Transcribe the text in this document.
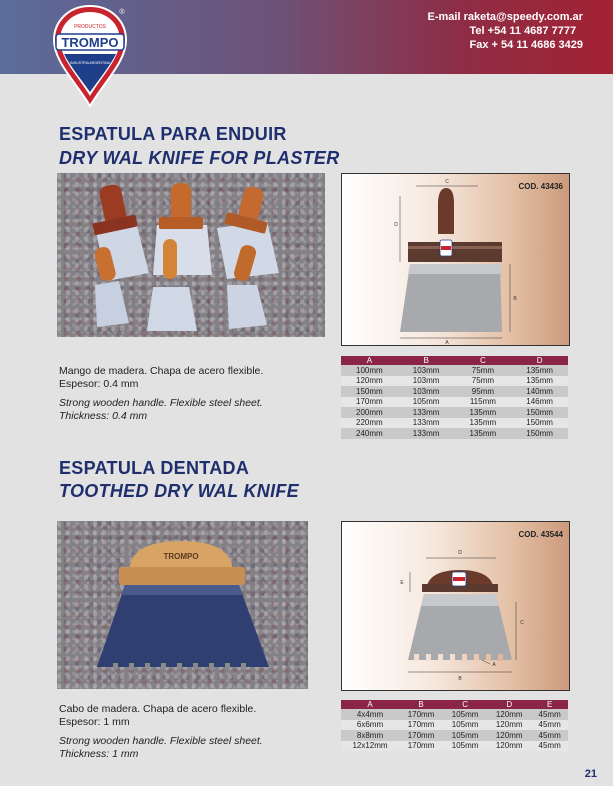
TROMPO
PRODUCTOS
INDUSTRIA ARGENTINA
®	E-mail raketa@speedy.com.ar
Tel +54 11 4687 7777
Fax + 54 11 4686 3429
ESPATULA PARA ENDUIR
DRY WAL KNIFE FOR PLASTER
COD. 43436
C
D
B
A
Mango de madera. Chapa de acero flexible.
Espesor: 0.4 mm
Strong wooden handle. Flexible steel sheet.
Thickness: 0.4 mm
A	B	C	D
100mm	103mm	75mm	135mm
120mm	103mm	75mm	135mm
150mm	103mm	95mm	140mm
170mm	105mm	115mm	146mm
200mm	133mm	135mm	150mm
220mm	133mm	135mm	150mm
240mm	133mm	135mm	150mm
ESPATULA DENTADA
TOOTHED DRY WAL KNIFE
TROMPO
COD. 43544
D
E
C
A
B
Cabo de madera. Chapa de acero flexible.
Espesor: 1 mm
Strong wooden handle. Flexible steel sheet.
Thickness: 1 mm
A	B	C	D	E
4x4mm	170mm	105mm	120mm	45mm
6x6mm	170mm	105mm	120mm	45mm
8x8mm	170mm	105mm	120mm	45mm
12x12mm	170mm	105mm	120mm	45mm
21
